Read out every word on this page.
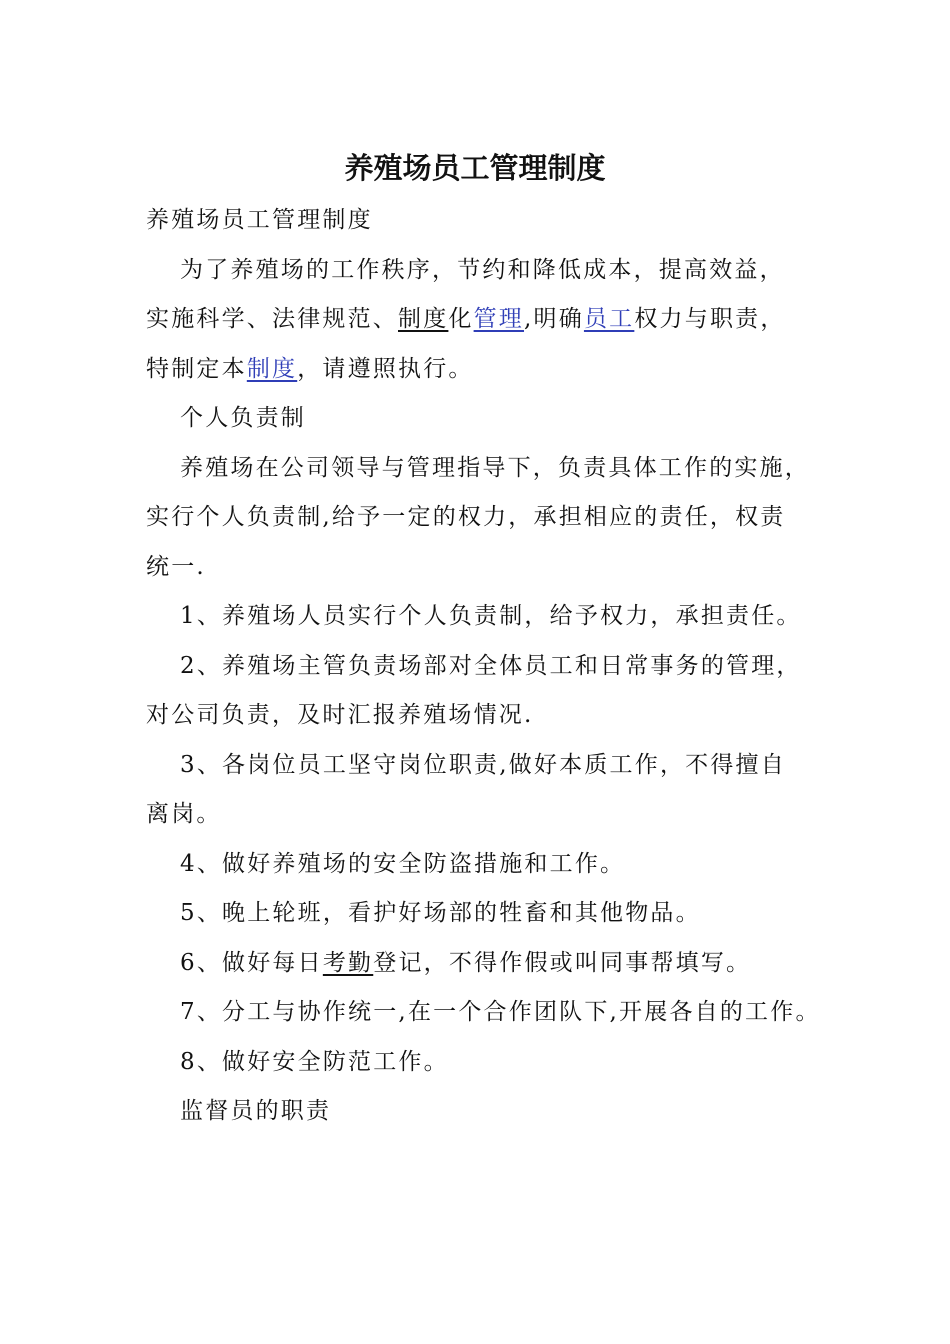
养殖场员工管理制度

养殖场员工管理制度

为了养殖场的工作秩序，节约和降低成本，提高效益，

实施科学、法律规范、制度化管理,明确员工权力与职责，

特制定本制度，请遵照执行。

个人负责制

养殖场在公司领导与管理指导下，负责具体工作的实施，

实行个人负责制,给予一定的权力，承担相应的责任，权责

统一.

1、养殖场人员实行个人负责制，给予权力，承担责任。

2、养殖场主管负责场部对全体员工和日常事务的管理，

对公司负责，及时汇报养殖场情况.

3、各岗位员工坚守岗位职责,做好本质工作，不得擅自

离岗。

4、做好养殖场的安全防盗措施和工作。

5、晚上轮班，看护好场部的牲畜和其他物品。

6、做好每日考勤登记，不得作假或叫同事帮填写。

7、分工与协作统一,在一个合作团队下,开展各自的工作。

8、做好安全防范工作。

监督员的职责
